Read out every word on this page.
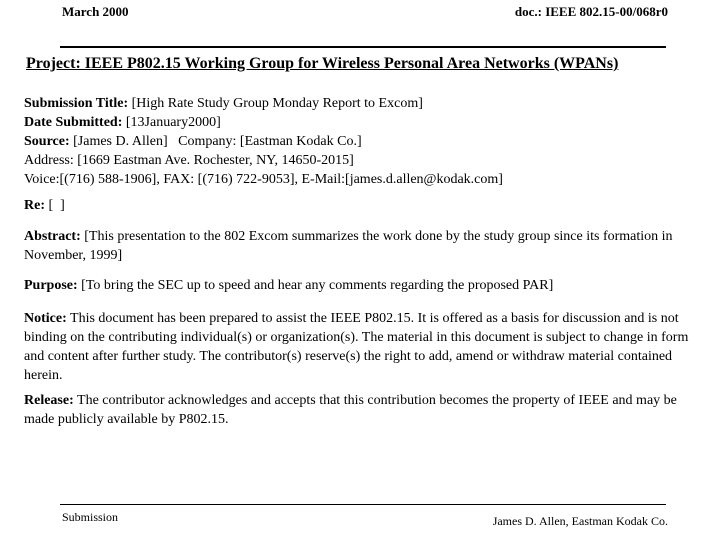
March 2000	doc.: IEEE 802.15-00/068r0
Project: IEEE P802.15 Working Group for Wireless Personal Area Networks (WPANs)
Submission Title: [High Rate Study Group Monday Report to Excom]
Date Submitted: [13January2000]
Source: [James D. Allen]   Company: [Eastman Kodak Co.]
Address: [1669 Eastman Ave. Rochester, NY, 14650-2015]
Voice:[(716) 588-1906], FAX: [(716) 722-9053], E-Mail:[james.d.allen@kodak.com]
Re: [  ]
Abstract: [This presentation to the 802 Excom summarizes the work done by the study group since its formation in November, 1999]
Purpose: [To bring the SEC up to speed and hear any comments regarding the proposed PAR]
Notice: This document has been prepared to assist the IEEE P802.15. It is offered as a basis for discussion and is not binding on the contributing individual(s) or organization(s). The material in this document is subject to change in form and content after further study. The contributor(s) reserve(s) the right to add, amend or withdraw material contained herein.
Release: The contributor acknowledges and accepts that this contribution becomes the property of IEEE and may be made publicly available by P802.15.
Submission	James D. Allen, Eastman Kodak Co.
